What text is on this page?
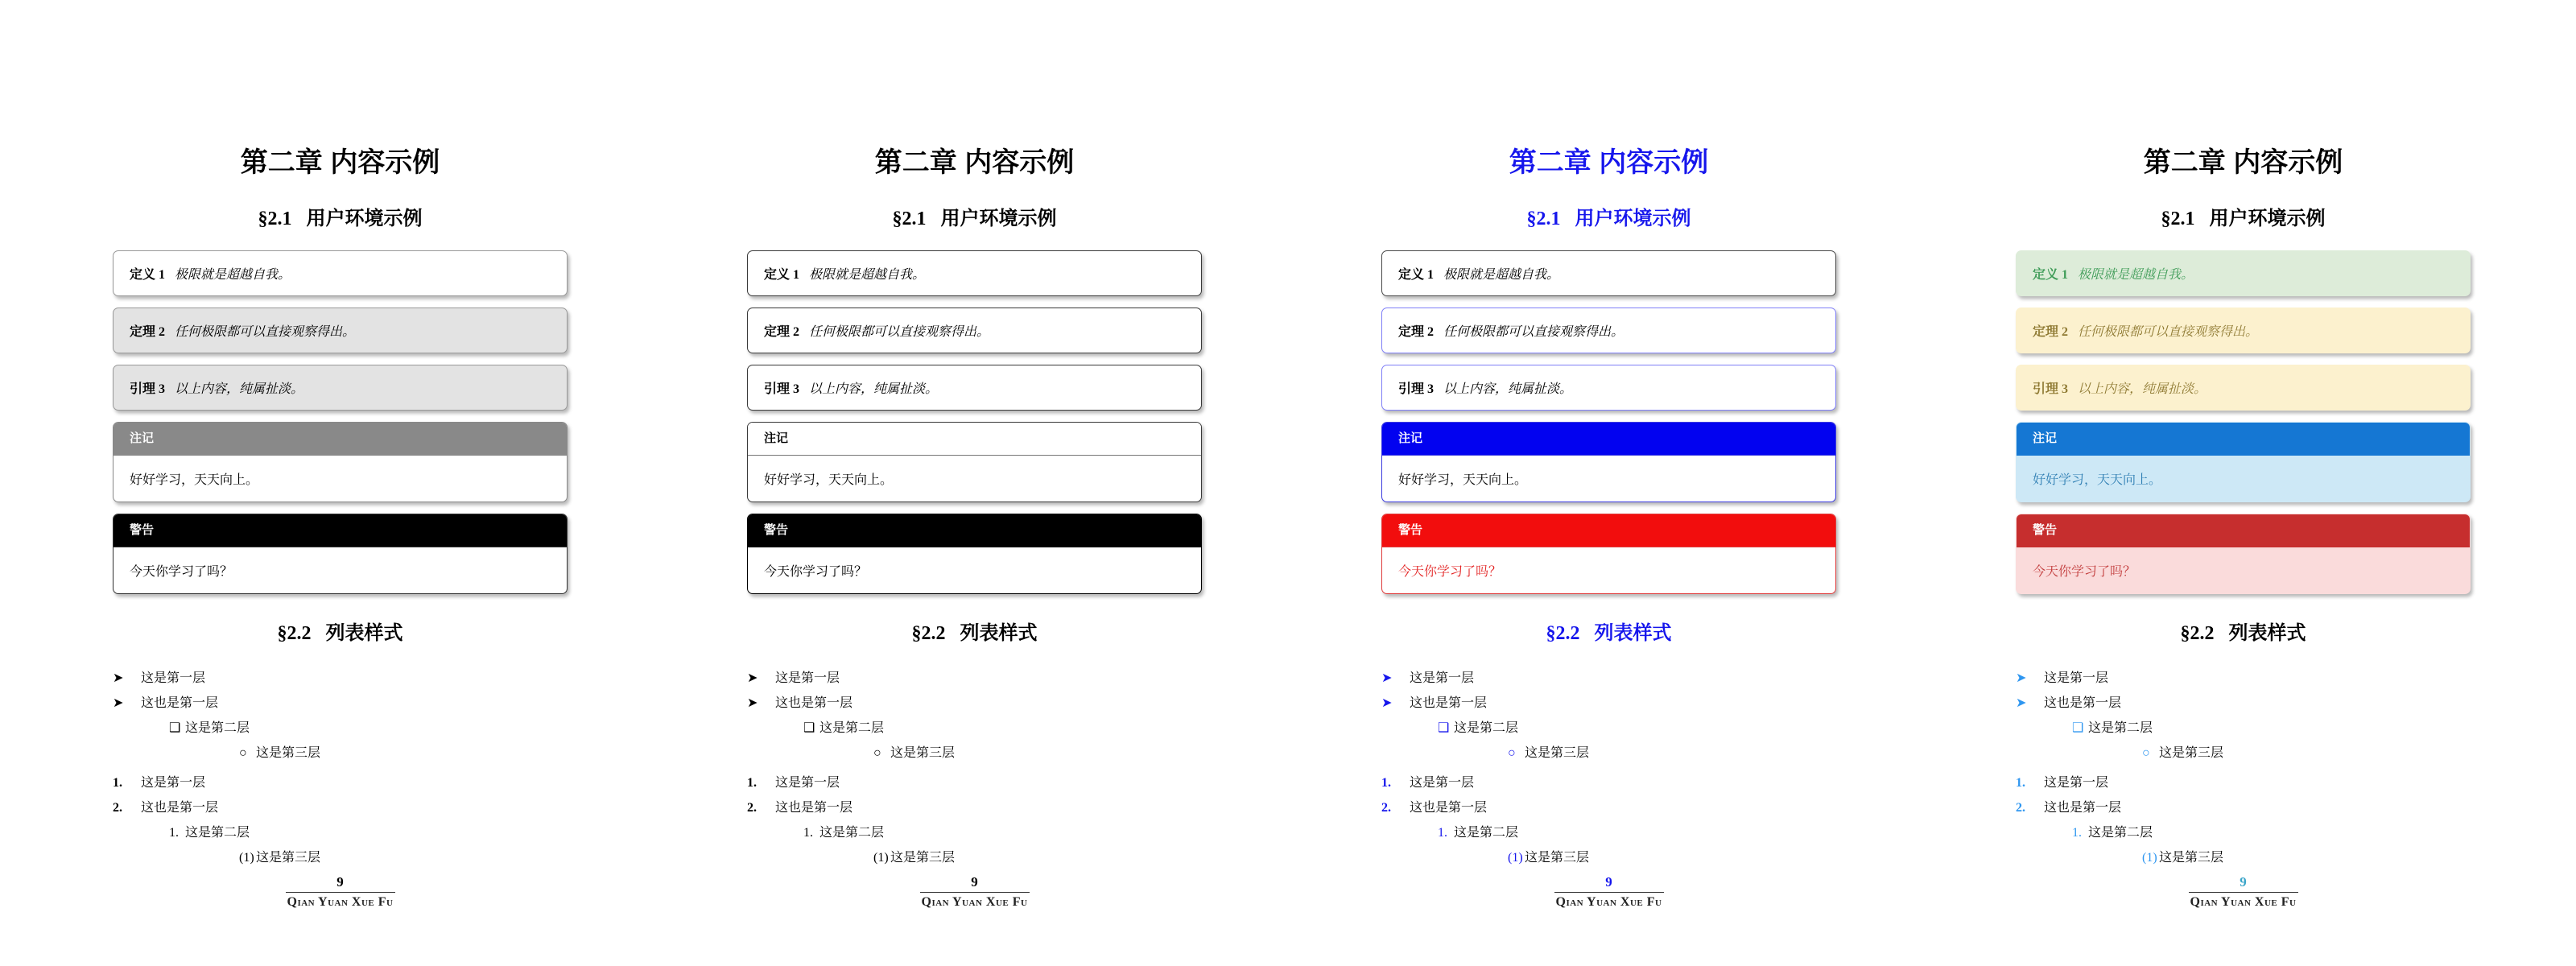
第二章 内容示例
§2.1 用户环境示例
定义 1 极限就是超越自我。
定理 2 任何极限都可以直接观察得出。
引理 3 以上内容，纯属扯淡。
注记
好好学习，天天向上。
警告
今天你学习了吗？
§2.2 列表样式
➤ 这是第一层
➤ 这也是第一层
❑ 这是第二层
○ 这是第三层
1. 这是第一层
2. 这也是第一层
1. 这是第二层
(1) 这是第三层
9
Qian Yuan Xue Fu
第二章 内容示例
§2.1 用户环境示例
定义 1 极限就是超越自我。
定理 2 任何极限都可以直接观察得出。
引理 3 以上内容，纯属扯淡。
注记
好好学习，天天向上。
警告
今天你学习了吗？
§2.2 列表样式
➤ 这是第一层
➤ 这也是第一层
❑ 这是第二层
○ 这是第三层
1. 这是第一层
2. 这也是第一层
1. 这是第二层
(1) 这是第三层
9
Qian Yuan Xue Fu
第二章 内容示例
§2.1 用户环境示例
定义 1 极限就是超越自我。
定理 2 任何极限都可以直接观察得出。
引理 3 以上内容，纯属扯淡。
注记
好好学习，天天向上。
警告
今天你学习了吗？
§2.2 列表样式
➤ 这是第一层
➤ 这也是第一层
❑ 这是第二层
○ 这是第三层
1. 这是第一层
2. 这也是第一层
1. 这是第二层
(1) 这是第三层
9
Qian Yuan Xue Fu
第二章 内容示例
§2.1 用户环境示例
定义 1 极限就是超越自我。
定理 2 任何极限都可以直接观察得出。
引理 3 以上内容，纯属扯淡。
注记
好好学习，天天向上。
警告
今天你学习了吗？
§2.2 列表样式
➤ 这是第一层
➤ 这也是第一层
❑ 这是第二层
○ 这是第三层
1. 这是第一层
2. 这也是第一层
1. 这是第二层
(1) 这是第三层
9
Qian Yuan Xue Fu
